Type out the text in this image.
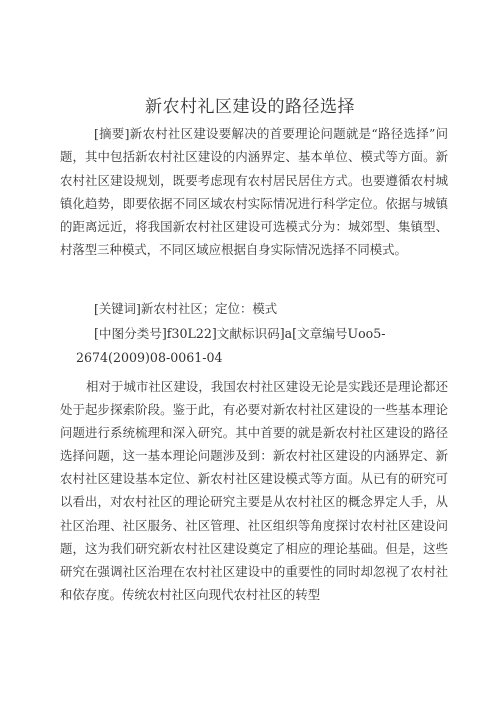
新农村礼区建设的路径选择
[摘要]新农村社区建设要解决的首要理论问题就是“路径选择”问题，其中包括新农村社区建设的内涵界定、基本单位、模式等方面。新农村社区建设规划，既要考虑现有农村居民居住方式。也要遵循农村城镇化趋势，即要依据不同区域农村实际情况进行科学定位。依据与城镇的距离远近，将我国新农村社区建设可选模式分为：城郊型、集镇型、村落型三种模式，不同区域应根据自身实际情况选择不同模式。
[关键词]新农村社区；定位：模式
[中图分类号]f30L22]文献标识码]a[文章编号Uoo5-
2674(2009)08-0061-04
相对于城市社区建设，我国农村社区建设无论是实践还是理论都还处于起步探索阶段。鉴于此，有必要对新农村社区建设的一些基本理论问题进行系统梳理和深入研究。其中首要的就是新农村社区建设的路径选择问题，这一基本理论问题涉及到：新农村社区建设的内涵界定、新农村社区建设基本定位、新农村社区建设模式等方面。从已有的研究可以看出，对农村社区的理论研究主要是从农村社区的概念界定人手，从社区治理、社区服务、社区管理、社区组织等角度探讨农村社区建设问题，这为我们研究新农村社区建设奠定了相应的理论基础。但是，这些研究在强调社区治理在农村社区建设中的重要性的同时却忽视了农村社和依存度。传统农村社区向现代农村社区的转型
